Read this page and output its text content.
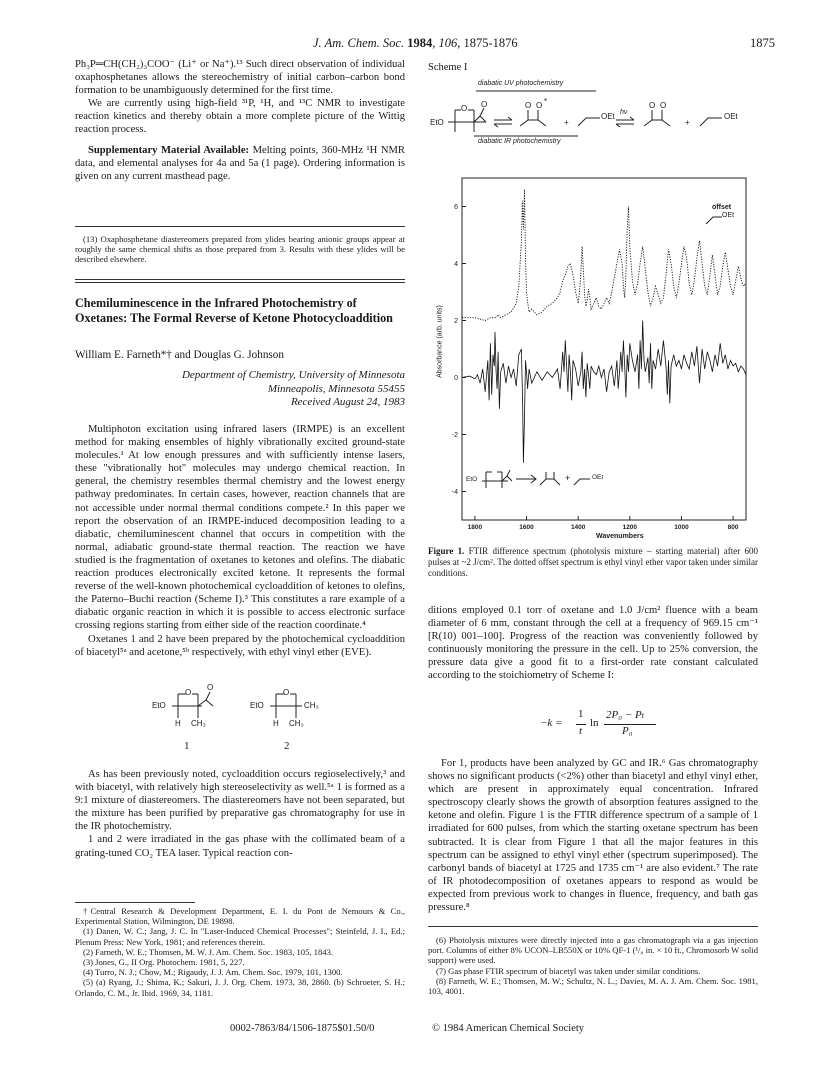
J. Am. Chem. Soc. 1984, 106, 1875-1876	1875

Ph₃P═CH(CH₂)₃COO⁻ (Li⁺ or Na⁺).¹³ Such direct observation of individual oxaphosphetanes allows the stereochemistry of initial carbon–carbon bond formation to be unambiguously determined for the first time.

We are currently using high-field ³¹P, ¹H, and ¹³C NMR to investigate reaction kinetics and thereby obtain a more complete picture of the Wittig reaction process.

Supplementary Material Available: Melting points, 360-MHz ¹H NMR data, and elemental analyses for 4a and 5a (1 page). Ordering information is given on any current masthead page.

(13) Oxaphosphetane diastereomers prepared from ylides bearing anionic groups appear at roughly the same chemical shifts as those prepared from 3. Results with these ylides will be described elsewhere.

Chemiluminescence in the Infrared Photochemistry of Oxetanes: The Formal Reverse of Ketone Photocycloaddition
William E. Farneth*† and Douglas G. Johnson
Department of Chemistry, University of Minnesota
Minneapolis, Minnesota 55455
Received August 24, 1983

Multiphoton excitation using infrared lasers (IRMPE) is an excellent method for making ensembles of highly vibrationally excited ground-state molecules.¹ At low enough pressures and with sufficiently intense lasers, these "vibrationally hot" molecules may undergo chemical reaction. In general, the chemistry resembles thermal chemistry and the lowest energy pathway predominates. In certain cases, however, reaction channels that are not accessible under normal thermal conditions compete.² In this paper we report the observation of an IRMPE-induced decomposition leading to a diabatic, chemiluminescent channel that occurs in competition with the normal, adiabatic ground-state thermal reaction. The reaction we have studied is the fragmentation of oxetanes to ketones and olefins. The diabatic reaction produces electronically excited ketone. It represents the formal reverse of the well-known photochemical cycloaddition of ketones to olefins, the Paterno–Buchi reaction (Scheme I).³ This constitutes a rare example of a diabatic organic reaction in which it is possible to access electronic surface crossing regions starting from either side of the reaction coordinate.⁴

Oxetanes 1 and 2 have been prepared by the photochemical cycloaddition of biacetyl⁵ᵃ and acetone,⁵ᵇ respectively, with ethyl vinyl ether (EVE).

O
O
EtO
H CH₃
1
O
EtO	CH₃
H CH₃
2

As has been previously noted, cycloaddition occurs regioselectively,³ and with biacetyl, with relatively high stereoselectivity as well.⁵ᵃ 1 is formed as a 9:1 mixture of diastereomers. The diastereomers have not been separated, but the mixture has been purified by preparative gas chromatography for use in the IR photochemistry.

1 and 2 were irradiated in the gas phase with the collimated beam of a grating-tuned CO₂ TEA laser. Typical reaction con-

†Central Research & Development Department, E. I. du Pont de Nemours & Co., Experimental Station, Wilmington, DE 19898.

(1) Danen, W. C.; Jang, J. C. In "Laser-Induced Chemical Processes"; Steinfeld, J. I., Ed.; Plenum Press: New York, 1981; and references therein.

(2) Farneth, W. E.; Thomsen, M. W. J. Am. Chem. Soc. 1983, 105, 1843.

(3) Jones, G., II Org. Photochem. 1981, 5, 227.

(4) Turro, N. J.; Chow, M.; Rigaudy, J. J. Am. Chem. Soc. 1979, 101, 1300.

(5) (a) Ryang, J.; Shima, K.; Sakuri, J. J. Org. Chem. 1973, 38, 2860. (b) Schroeter, S. H.; Orlando, C. M., Jr. Ibid. 1969, 34, 1181.

Scheme I
diabatic UV photochemistry
diabatic IR photochemistry
EtO
O O	O O *
+
OEt hν
O O
+
OEt
6
4
2
0
-2
-4
1800	1600	1400	1200	1000	800
Absorbance (arb. units)
Wavenumbers
offset
OEt
EtO	+	OEt
Figure 1. FTIR difference spectrum (photolysis mixture – starting material) after 600 pulses at ~2 J/cm². The dotted offset spectrum is ethyl vinyl ether vapor taken under similar conditions.

ditions employed 0.1 torr of oxetane and 1.0 J/cm² fluence with a beam diameter of 6 mm, constant through the cell at a frequency of 969.15 cm⁻¹ [R(10) 001–100]. Progress of the reaction was conveniently followed by continuously monitoring the pressure in the cell. Up to 25% conversion, the pressure data give a good fit to a first-order rate constant calculated according to the stoichiometry of Scheme I:

−k =
1
t
ln
2P₀ − Pₜ
P₀

For 1, products have been analyzed by GC and IR.⁶ Gas chromatography shows no significant products (<2%) other than biacetyl and ethyl vinyl ether, which are present in approximately equal concentration. Infrared spectroscopy clearly shows the growth of absorption features assigned to the ketone and olefin. Figure 1 is the FTIR difference spectrum of a sample of 1 irradiated for 600 pulses, from which the starting oxetane spectrum has been subtracted. It is clear from Figure 1 that all the major features in this spectrum can be assigned to ethyl vinyl ether (spectrum superimposed). The carbonyl bands of biacetyl at 1725 and 1735 cm⁻¹ are also evident.⁷ The rate of IR photodecomposition of oxetanes appears to respond as would be expected from previous work to changes in fluence, frequency, and bath gas pressure.⁸

(6) Photolysis mixtures were directly injected into a gas chromatograph via a gas injection port. Columns of either 8% UCON–LB550X or 10% QF-1 (¹/₈ in. × 10 ft., Chromosorb W solid support) were used.

(7) Gas phase FTIR spectrum of biacetyl was taken under similar conditions.

(8) Farneth, W. E.; Thomsen, M. W.; Schultz, N. L.; Davies, M. A. J. Am. Chem. Soc. 1981, 103, 4001.

0002-7863/84/1506-1875$01.50/0	© 1984 American Chemical Society
